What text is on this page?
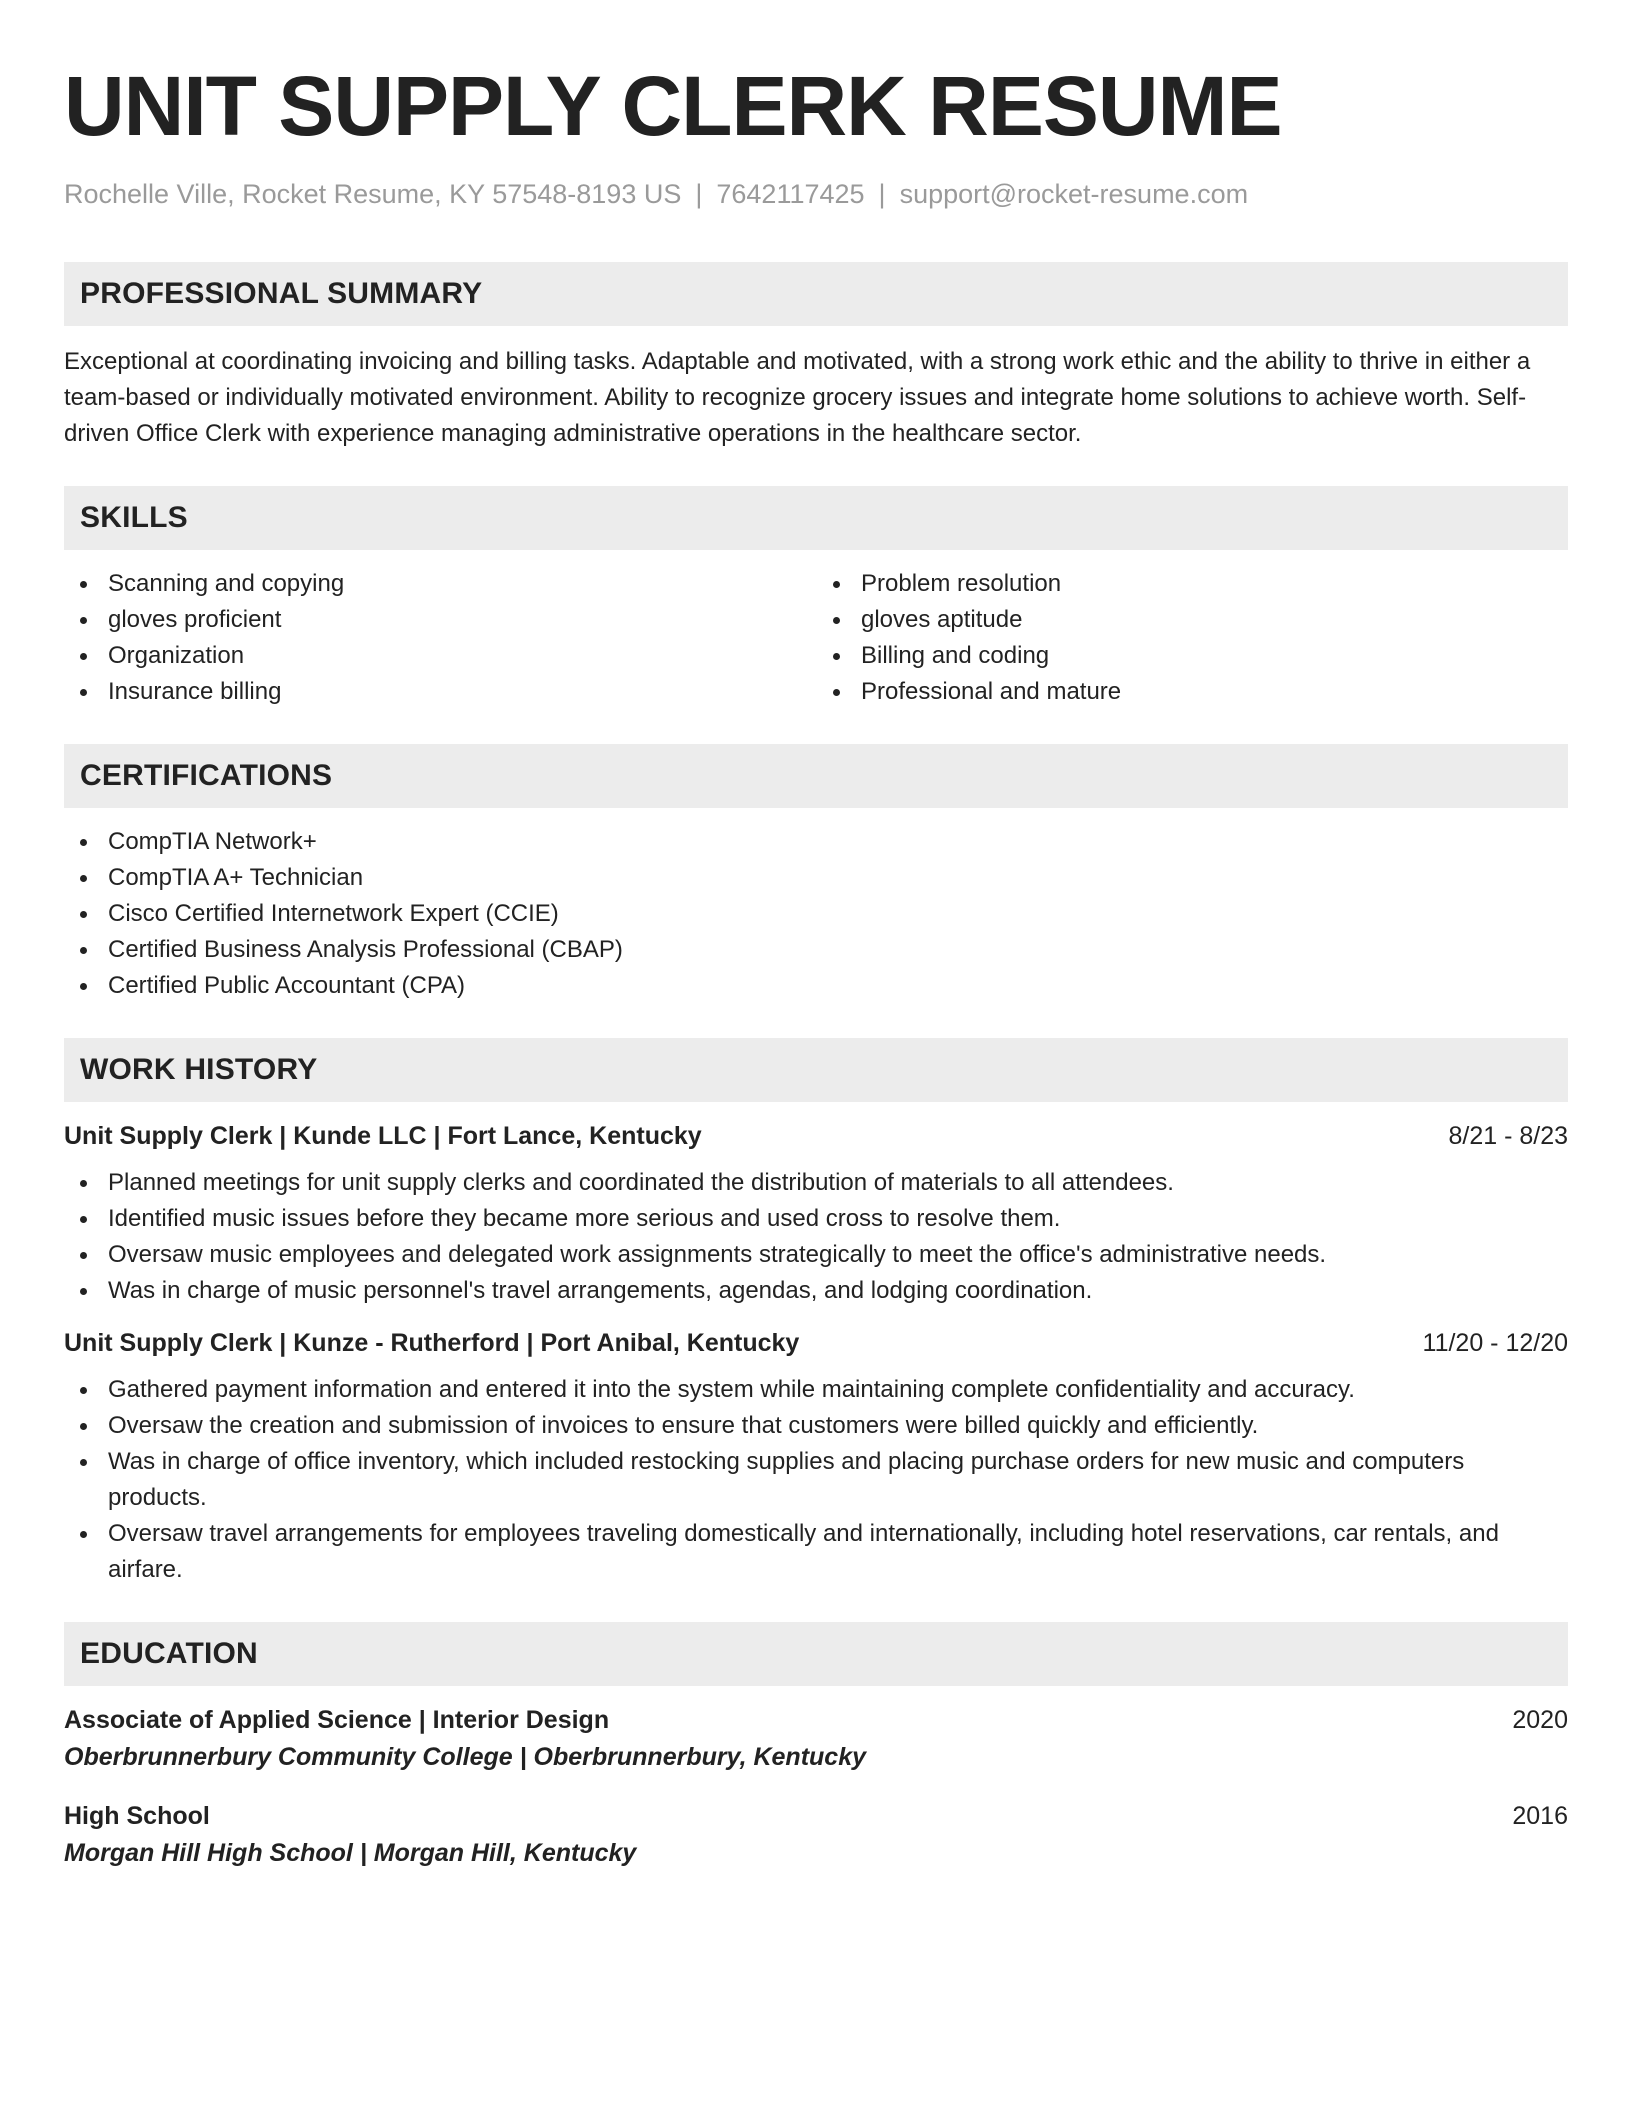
UNIT SUPPLY CLERK RESUME
Rochelle Ville, Rocket Resume, KY 57548-8193 US | 7642117425 | support@rocket-resume.com
PROFESSIONAL SUMMARY

Exceptional at coordinating invoicing and billing tasks. Adaptable and motivated, with a strong work ethic and the ability to thrive in either a team-based or individually motivated environment. Ability to recognize grocery issues and integrate home solutions to achieve worth. Self-driven Office Clerk with experience managing administrative operations in the healthcare sector.

SKILLS
Scanning and copying
gloves proficient
Organization
Insurance billing
Problem resolution
gloves aptitude
Billing and coding
Professional and mature
CERTIFICATIONS
CompTIA Network+
CompTIA A+ Technician
Cisco Certified Internetwork Expert (CCIE)
Certified Business Analysis Professional (CBAP)
Certified Public Accountant (CPA)
WORK HISTORY
Unit Supply Clerk | Kunde LLC | Fort Lance, Kentucky	8/21 - 8/23
Planned meetings for unit supply clerks and coordinated the distribution of materials to all attendees.
Identified music issues before they became more serious and used cross to resolve them.
Oversaw music employees and delegated work assignments strategically to meet the office's administrative needs.
Was in charge of music personnel's travel arrangements, agendas, and lodging coordination.
Unit Supply Clerk | Kunze - Rutherford | Port Anibal, Kentucky	11/20 - 12/20
Gathered payment information and entered it into the system while maintaining complete confidentiality and accuracy.
Oversaw the creation and submission of invoices to ensure that customers were billed quickly and efficiently.
Was in charge of office inventory, which included restocking supplies and placing purchase orders for new music and computers products.
Oversaw travel arrangements for employees traveling domestically and internationally, including hotel reservations, car rentals, and airfare.
EDUCATION
Associate of Applied Science | Interior Design	2020
Oberbrunnerbury Community College | Oberbrunnerbury, Kentucky
High School	2016
Morgan Hill High School | Morgan Hill, Kentucky
